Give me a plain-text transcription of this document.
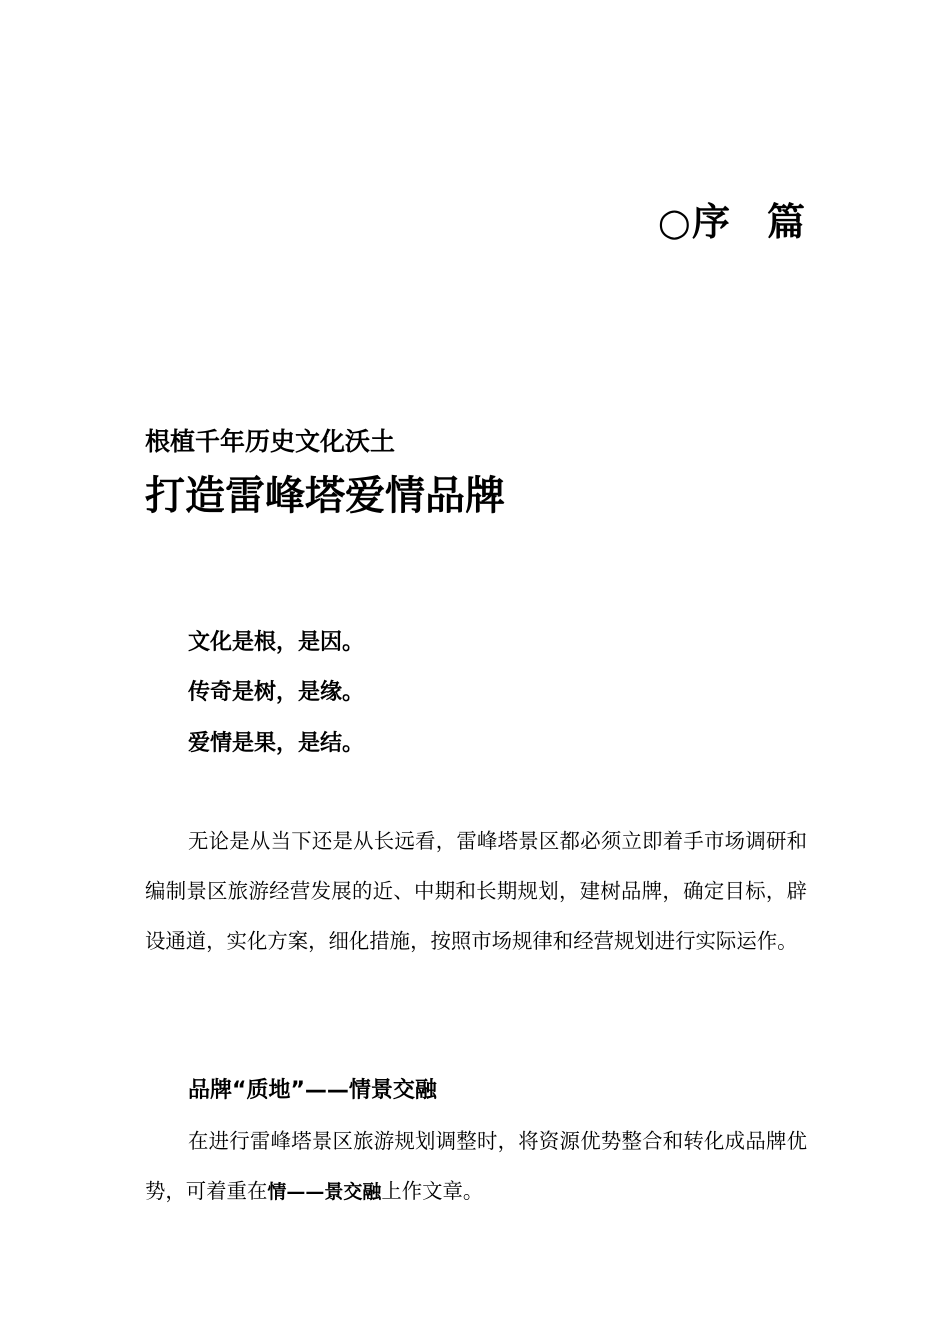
○序 篇
根植千年历史文化沃土
打造雷峰塔爱情品牌
文化是根，是因。
传奇是树，是缘。
爱情是果，是结。

无论是从当下还是从长远看，雷峰塔景区都必须立即着手市场调研和编制景区旅游经营发展的近、中期和长期规划，建树品牌，确定目标，辟设通道，实化方案，细化措施，按照市场规律和经营规划进行实际运作。

品牌“质地”——情景交融

在进行雷峰塔景区旅游规划调整时，将资源优势整合和转化成品牌优势，可着重在情——景交融上作文章。
